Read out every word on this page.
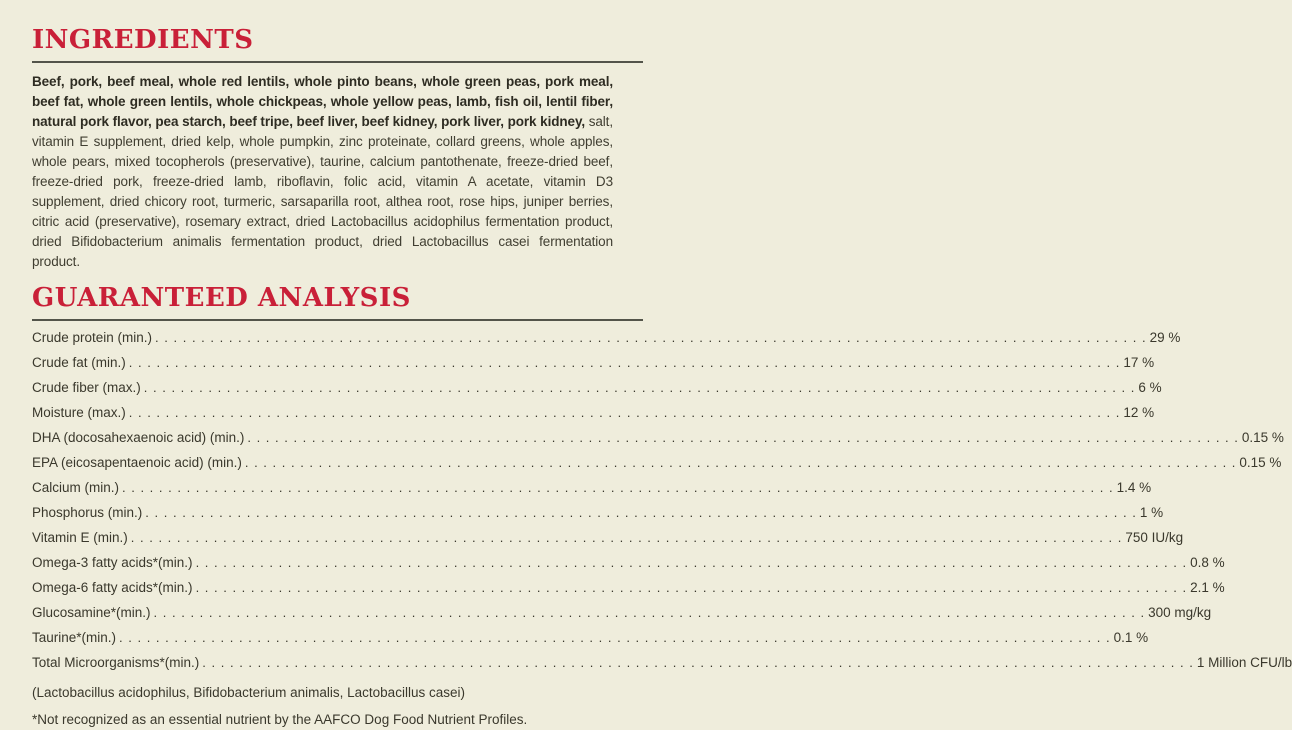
INGREDIENTS

Beef, pork, beef meal, whole red lentils, whole pinto beans, whole green peas, pork meal, beef fat, whole green lentils, whole chickpeas, whole yellow peas, lamb, fish oil, lentil fiber, natural pork flavor, pea starch, beef tripe, beef liver, beef kidney, pork liver, pork kidney, salt, vitamin E supplement, dried kelp, whole pumpkin, zinc proteinate, collard greens, whole apples, whole pears, mixed tocopherols (preservative), taurine, calcium pantothenate, freeze-dried beef, freeze-dried pork, freeze-dried lamb, riboflavin, folic acid, vitamin A acetate, vitamin D3 supplement, dried chicory root, turmeric, sarsaparilla root, althea root, rose hips, juniper berries, citric acid (preservative), rosemary extract, dried Lactobacillus acidophilus fermentation product, dried Bifidobacterium animalis fermentation product, dried Lactobacillus casei fermentation product.

GUARANTEED ANALYSIS
Crude protein (min.) . . .	29 %
Crude fat (min.) . . .	17 %
Crude fiber (max.) . . .	6 %
Moisture (max.) . . .	12 %
DHA (docosahexaenoic acid) (min.) . . .	0.15 %
EPA (eicosapentaenoic acid) (min.) . . .	0.15 %
Calcium (min.) . . .	1.4 %
Phosphorus (min.) . . .	1 %
Vitamin E (min.) . . .	750 IU/kg
Omega-3 fatty acids*(min.) . . .	0.8 %
Omega-6 fatty acids*(min.) . . .	2.1 %
Glucosamine*(min.) . . .	300 mg/kg
Taurine*(min.) . . .	0.1 %
Total Microorganisms*(min.) . . .	1 Million CFU/lb

(Lactobacillus acidophilus, Bifidobacterium animalis, Lactobacillus casei)

*Not recognized as an essential nutrient by the AAFCO Dog Food Nutrient Profiles.
